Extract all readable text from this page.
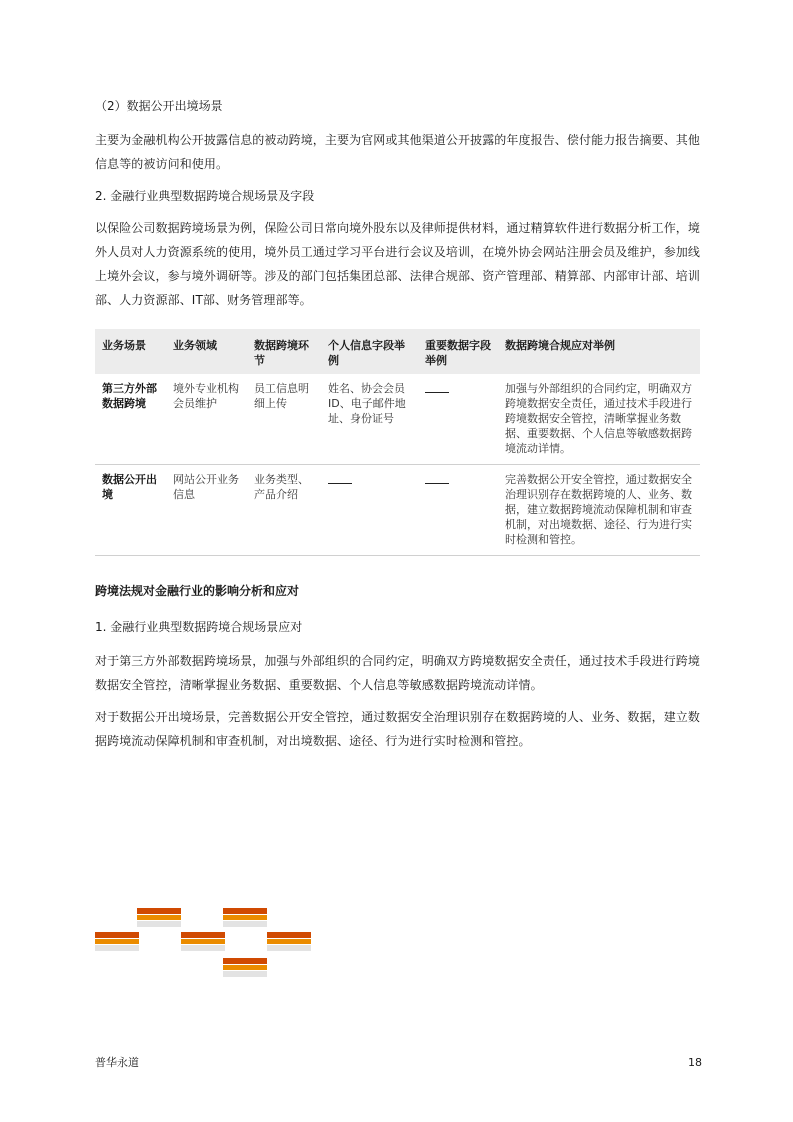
（2）数据公开出境场景
主要为金融机构公开披露信息的被动跨境，主要为官网或其他渠道公开披露的年度报告、偿付能力报告摘要、其他信息等的被访问和使用。
2. 金融行业典型数据跨境合规场景及字段
以保险公司数据跨境场景为例，保险公司日常向境外股东以及律师提供材料，通过精算软件进行数据分析工作，境外人员对人力资源系统的使用，境外员工通过学习平台进行会议及培训，在境外协会网站注册会员及维护，参加线上境外会议，参与境外调研等。涉及的部门包括集团总部、法律合规部、资产管理部、精算部、内部审计部、培训部、人力资源部、IT部、财务管理部等。
业务场景	业务领域	数据跨境环节	个人信息字段举例	重要数据字段举例	数据跨境合规应对举例
第三方外部数据跨境	境外专业机构会员维护	员工信息明细上传	姓名、协会会员ID、电子邮件地址、身份证号		加强与外部组织的合同约定，明确双方跨境数据安全责任，通过技术手段进行跨境数据安全管控，清晰掌握业务数据、重要数据、个人信息等敏感数据跨境流动详情。
数据公开出境	网站公开业务信息	业务类型、产品介绍			完善数据公开安全管控，通过数据安全治理识别存在数据跨境的人、业务、数据，建立数据跨境流动保障机制和审查机制，对出境数据、途径、行为进行实时检测和管控。
跨境法规对金融行业的影响分析和应对
1. 金融行业典型数据跨境合规场景应对
对于第三方外部数据跨境场景，加强与外部组织的合同约定，明确双方跨境数据安全责任，通过技术手段进行跨境数据安全管控，清晰掌握业务数据、重要数据、个人信息等敏感数据跨境流动详情。
对于数据公开出境场景，完善数据公开安全管控，通过数据安全治理识别存在数据跨境的人、业务、数据，建立数据跨境流动保障机制和审查机制，对出境数据、途径、行为进行实时检测和管控。
普华永道	18
